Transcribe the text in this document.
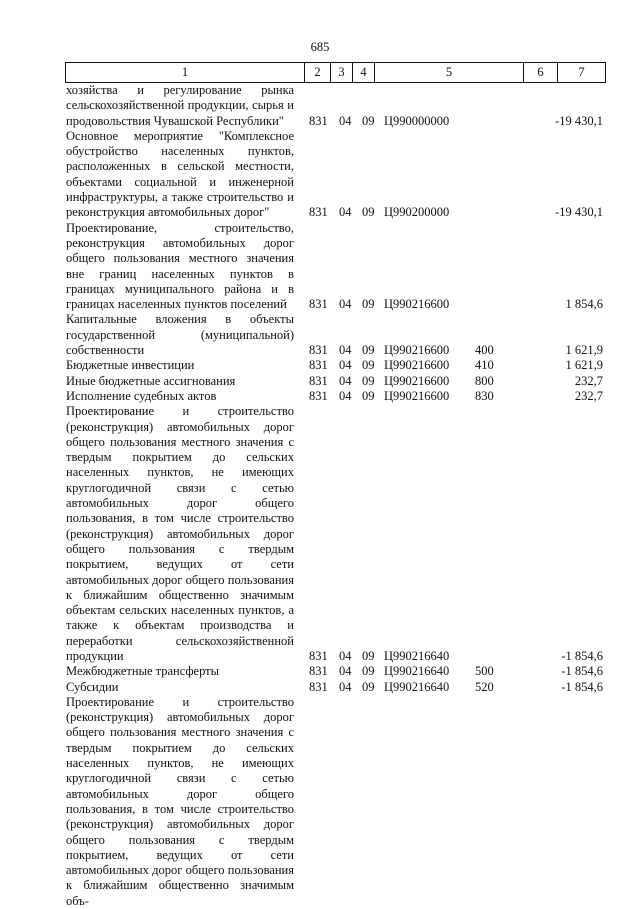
685
1	2	3	4	5	6	7
хозяйства и регулирование рынка сельскохозяйственной продукции, сырья и продовольствия Чувашской Республики"	831 04 09 Ц990000000	-19 430,1
Основное мероприятие "Комплексное обустройство населенных пунктов, расположенных в сельской местности, объектами социальной и инженерной инфраструктуры, а также строительство и реконструкция автомобильных дорог"	831 04 09 Ц990200000	-19 430,1
Проектирование, строительство, реконструкция автомобильных дорог общего пользования местного значения вне границ населенных пунктов в границах муниципального района и в границах населенных пунктов поселений	831 04 09 Ц990216600	1 854,6
Капитальные вложения в объекты государственной (муниципальной) собственности	831 04 09 Ц990216600 400	1 621,9
Бюджетные инвестиции	831 04 09 Ц990216600 410	1 621,9
Иные бюджетные ассигнования	831 04 09 Ц990216600 800	232,7
Исполнение судебных актов	831 04 09 Ц990216600 830	232,7
Проектирование и строительство (реконструкция) автомобильных дорог общего пользования местного значения с твердым покрытием до сельских населенных пунктов, не имеющих круглогодичной связи с сетью автомобильных дорог общего пользования, в том числе строительство (реконструкция) автомобильных дорог общего пользования с твердым покрытием, ведущих от сети автомобильных дорог общего пользования к ближайшим общественно значимым объектам сельских населенных пунктов, а также к объектам производства и переработки сельскохозяйственной продукции	831 04 09 Ц990216640	-1 854,6
Межбюджетные трансферты	831 04 09 Ц990216640 500	-1 854,6
Субсидии	831 04 09 Ц990216640 520	-1 854,6
Проектирование и строительство (реконструкция) автомобильных дорог общего пользования местного значения с твердым покрытием до сельских населенных пунктов, не имеющих круглогодичной связи с сетью автомобильных дорог общего пользования, в том числе строительство (реконструкция) автомобильных дорог общего пользования с твердым покрытием, ведущих от сети автомобильных дорог общего пользования к ближайшим общественно значимым объ-
